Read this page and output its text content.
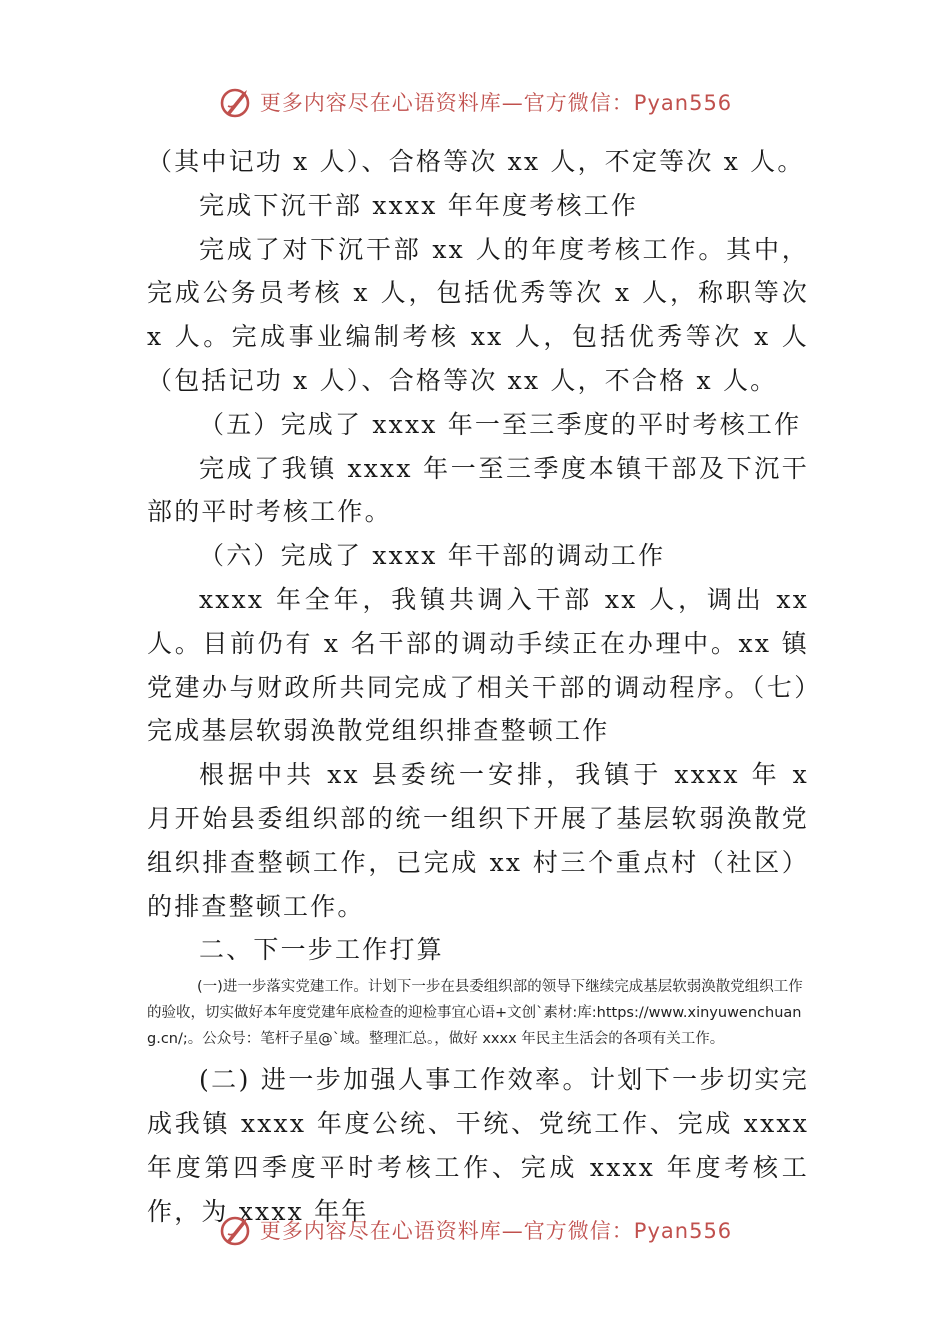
更多内容尽在心语资料库—官方微信：Pyan556

（其中记功 x 人）、合格等次 xx 人，不定等次 x 人。

完成下沉干部 xxxx 年年度考核工作

完成了对下沉干部 xx 人的年度考核工作。其中，完成公务员考核 x 人，包括优秀等次 x 人，称职等次 x 人。完成事业编制考核 xx 人，包括优秀等次 x 人（包括记功 x 人）、合格等次 xx 人，不合格 x 人。

（五）完成了 xxxx 年一至三季度的平时考核工作

完成了我镇 xxxx 年一至三季度本镇干部及下沉干部的平时考核工作。

（六）完成了 xxxx 年干部的调动工作

xxxx 年全年，我镇共调入干部 xx 人，调出 xx 人。目前仍有 x 名干部的调动手续正在办理中。xx 镇党建办与财政所共同完成了相关干部的调动程序。（七）完成基层软弱涣散党组织排查整顿工作

根据中共 xx 县委统一安排，我镇于 xxxx 年 x 月开始县委组织部的统一组织下开展了基层软弱涣散党组织排查整顿工作，已完成 xx 村三个重点村（社区）的排查整顿工作。

二、下一步工作打算

(一)进一步落实党建工作。计划下一步在县委组织部的领导下继续完成基层软弱涣散党组织工作的验收，切实做好本年度党建年底检查的迎检事宜心语+文创`素材:库:https://www.xinyuwenchuang.cn/;。公众号：笔杆子星@`域。整理汇总。，做好 xxxx 年民主生活会的各项有关工作。

(二) 进一步加强人事工作效率。计划下一步切实完成我镇 xxxx 年度公统、干统、党统工作、完成 xxxx 年度第四季度平时考核工作、完成 xxxx 年度考核工作，为 xxxx 年年

更多内容尽在心语资料库—官方微信：Pyan556
